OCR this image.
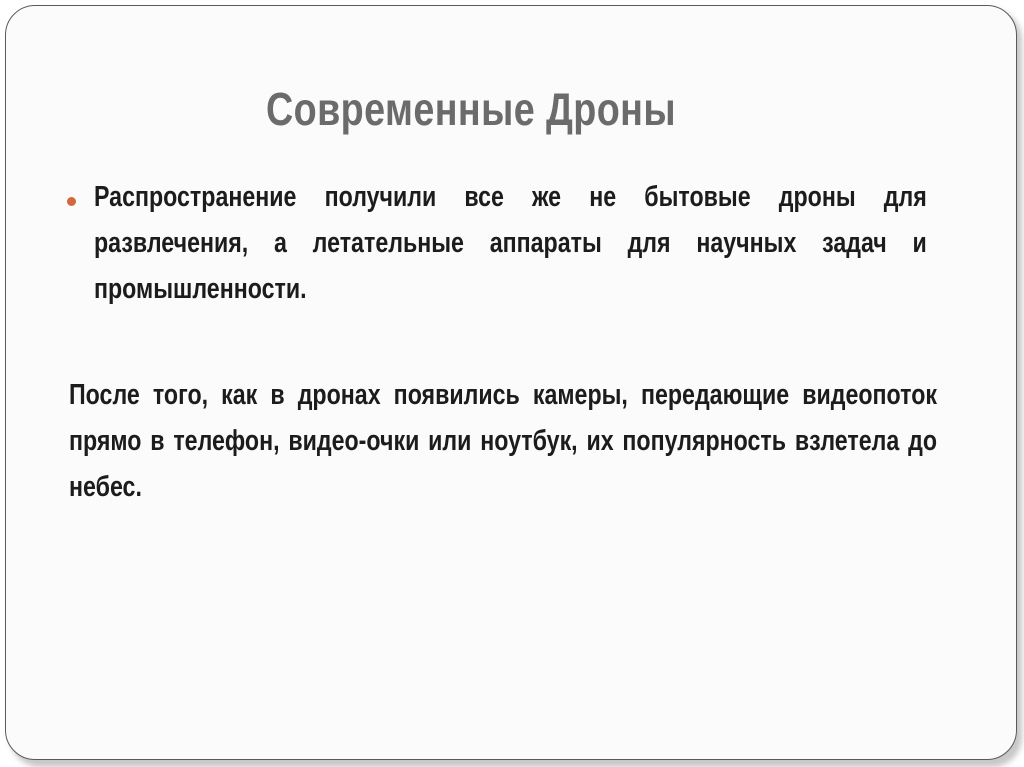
Современные Дроны
Распространение получили все же не бытовые дроны для развлечения, а летательные аппараты для научных задач и промышленности.
После того, как в дронах появились камеры, передающие видеопоток прямо в телефон, видео-очки или ноутбук, их популярность взлетела до небес.
